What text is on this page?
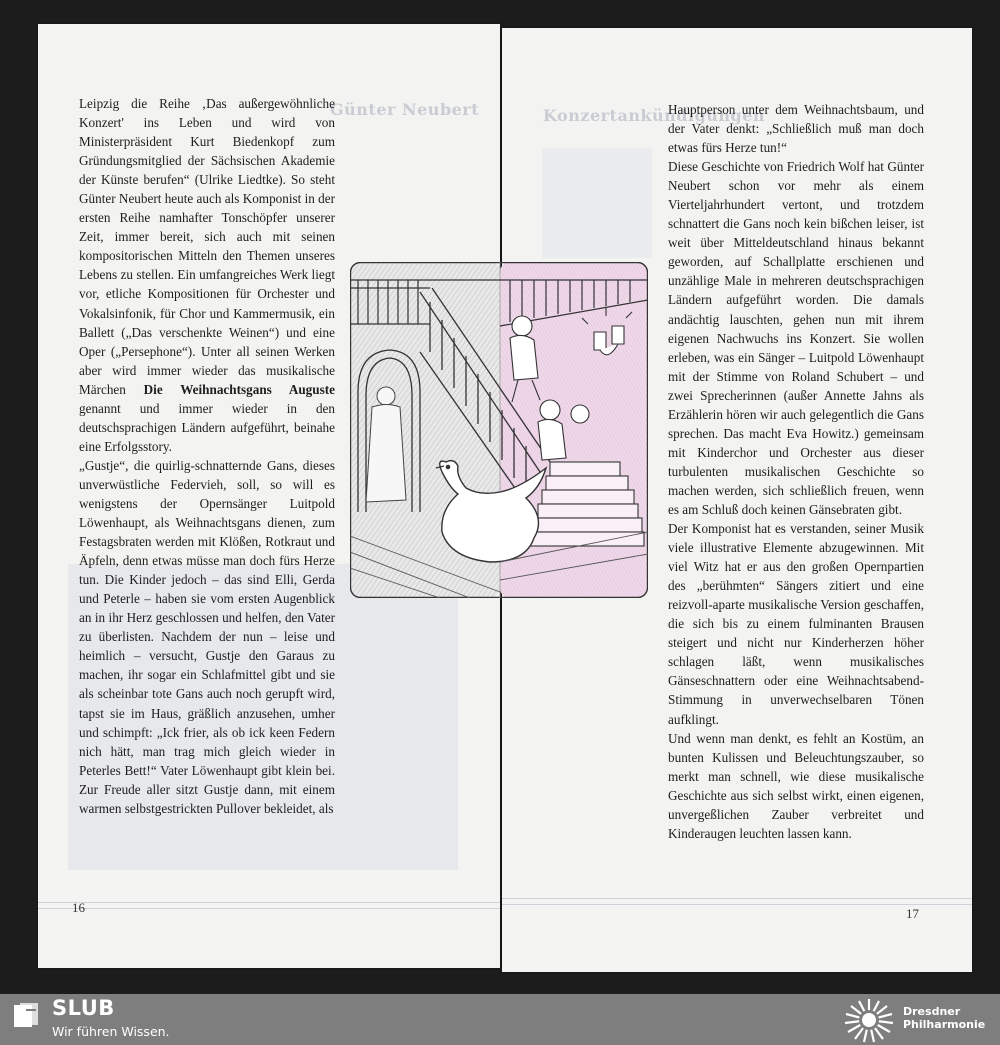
Günter Neubert	Konzertankündigungen

Leipzig die Reihe ‚Das außergewöhnliche Konzert' ins Leben und wird von Ministerpräsident Kurt Biedenkopf zum Gründungsmitglied der Sächsischen Akademie der Künste berufen“ (Ulrike Liedtke). So steht Günter Neubert heute auch als Komponist in der ersten Reihe namhafter Tonschöpfer unserer Zeit, immer bereit, sich auch mit seinen kompositorischen Mitteln den Themen unseres Lebens zu stellen. Ein umfangreiches Werk liegt vor, etliche Kompositionen für Orchester und Vokalsinfonik, für Chor und Kammermusik, ein Ballett („Das verschenkte Weinen“) und eine Oper („Persephone“). Unter all seinen Werken aber wird immer wieder das musikalische Märchen Die Weihnachtsgans Auguste genannt und immer wieder in den deutschsprachigen Ländern aufgeführt, beinahe eine Erfolgsstory.

„Gustje“, die quirlig-schnatternde Gans, dieses unverwüstliche Federvieh, soll, so will es wenigstens der Opernsänger Luitpold Löwenhaupt, als Weihnachtsgans dienen, zum Festagsbraten werden mit Klößen, Rotkraut und Äpfeln, denn etwas müsse man doch fürs Herze tun. Die Kinder jedoch – das sind Elli, Gerda und Peterle – haben sie vom ersten Augenblick an in ihr Herz geschlossen und helfen, den Vater zu überlisten. Nachdem der nun – leise und heimlich – versucht, Gustje den Garaus zu machen, ihr sogar ein Schlafmittel gibt und sie als scheinbar tote Gans auch noch gerupft wird, tapst sie im Haus, gräßlich anzusehen, umher und schimpft: „Ick frier, als ob ick keen Federn nich hätt, man trag mich gleich wieder in Peterles Bett!“ Vater Löwenhaupt gibt klein bei. Zur Freude aller sitzt Gustje dann, mit einem warmen selbstgestrickten Pullover bekleidet, als

Hauptperson unter dem Weihnachtsbaum, und der Vater denkt: „Schließlich muß man doch etwas fürs Herze tun!“

Diese Geschichte von Friedrich Wolf hat Günter Neubert schon vor mehr als einem Vierteljahrhundert vertont, und trotzdem schnattert die Gans noch kein bißchen leiser, ist weit über Mitteldeutschland hinaus bekannt geworden, auf Schallplatte erschienen und unzählige Male in mehreren deutschsprachigen Ländern aufgeführt worden. Die damals andächtig lauschten, gehen nun mit ihrem eigenen Nachwuchs ins Konzert. Sie wollen erleben, was ein Sänger – Luitpold Löwenhaupt mit der Stimme von Roland Schubert – und zwei Sprecherinnen (außer Annette Jahns als Erzählerin hören wir auch gelegentlich die Gans sprechen. Das macht Eva Howitz.) gemeinsam mit Kinderchor und Orchester aus dieser turbulenten musikalischen Geschichte so machen werden, sich schließlich freuen, wenn es am Schluß doch keinen Gänsebraten gibt.

Der Komponist hat es verstanden, seiner Musik viele illustrative Elemente abzugewinnen. Mit viel Witz hat er aus den großen Opernpartien des „berühmten“ Sängers zitiert und eine reizvoll-aparte musikalische Version geschaffen, die sich bis zu einem fulminanten Brausen steigert und nicht nur Kinderherzen höher schlagen läßt, wenn musikalisches Gänseschnattern oder eine Weihnachtsabend-Stimmung in unverwechselbaren Tönen aufklingt.

Und wenn man denkt, es fehlt an Kostüm, an bunten Kulissen und Beleuchtungszauber, so merkt man schnell, wie diese musikalische Geschichte aus sich selbst wirkt, einen eigenen, unvergeßlichen Zauber verbreitet und Kinderaugen leuchten lassen kann.

16	17
SLUB
Wir führen Wissen.
Dresdner
Philharmonie
